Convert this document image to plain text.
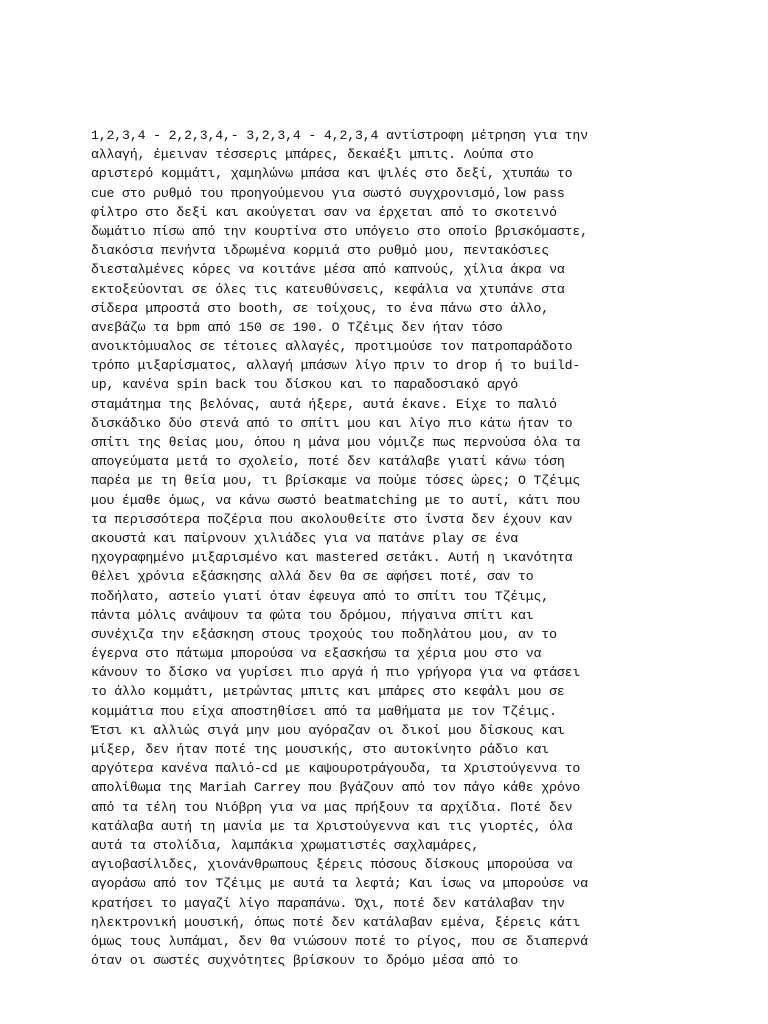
1,2,3,4 - 2,2,3,4,- 3,2,3,4 - 4,2,3,4 αντίστροφη μέτρηση για την
αλλαγή, έμειναν τέσσερις μπάρες, δεκαέξι μπιτς. Λούπα στο
αριστερό κομμάτι, χαμηλώνω μπάσα και ψιλές στο δεξί, χτυπάω το
cue στο ρυθμό του προηγούμενου για σωστό συγχρονισμό,low pass
φίλτρο στο δεξί και ακούγεται σαν να έρχεται από το σκοτεινό
δωμάτιο πίσω από την κουρτίνα στο υπόγειο στο οποίο βρισκόμαστε,
διακόσια πενήντα ιδρωμένα κορμιά στο ρυθμό μου, πεντακόσιες
διεσταλμένες κόρες να κοιτάνε μέσα από καπνούς, χίλια άκρα να
εκτοξεύονται σε όλες τις κατευθύνσεις, κεφάλια να χτυπάνε στα
σίδερα μπροστά στο booth, σε τοίχους, το ένα πάνω στο άλλο,
ανεβάζω τα bpm από 150 σε 190. Ο Τζέιμς δεν ήταν τόσο
ανοικτόμυαλος σε τέτοιες αλλαγές, προτιμούσε τον πατροπαράδοτο
τρόπο μιξαρίσματος, αλλαγή μπάσων λίγο πριν το drop ή το build-
up, κανένα spin back του δίσκου και το παραδοσιακό αργό
σταμάτημα της βελόνας, αυτά ήξερε, αυτά έκανε. Είχε το παλιό
δισκάδικο δύο στενά από το σπίτι μου και λίγο πιο κάτω ήταν το
σπίτι της θείας μου, όπου η μάνα μου νόμιζε πως περνούσα όλα τα
απογεύματα μετά το σχολείο, ποτέ δεν κατάλαβε γιατί κάνω τόση
παρέα με τη θεία μου, τι βρίσκαμε να πούμε τόσες ώρες; Ο Τζέιμς
μου έμαθε όμως, να κάνω σωστό beatmatching με το αυτί, κάτι που
τα περισσότερα ποζέρια που ακολουθείτε στο ίνστα δεν έχουν καν
ακουστά και παίρνουν χιλιάδες για να πατάνε play σε ένα
ηχογραφημένο μιξαρισμένο και mastered σετάκι. Αυτή η ικανότητα
θέλει χρόνια εξάσκησης αλλά δεν θα σε αφήσει ποτέ, σαν το
ποδήλατο, αστείο γιατί όταν έφευγα από το σπίτι του Τζέιμς,
πάντα μόλις ανάψουν τα φώτα του δρόμου, πήγαινα σπίτι και
συνέχιζα την εξάσκηση στους τροχούς του ποδηλάτου μου, αν το
έγερνα στο πάτωμα μπορούσα να εξασκήσω τα χέρια μου στο να
κάνουν το δίσκο να γυρίσει πιο αργά ή πιο γρήγορα για να φτάσει
το άλλο κομμάτι, μετρώντας μπιτς και μπάρες στο κεφάλι μου σε
κομμάτια που είχα αποστηθίσει από τα μαθήματα με τον Τζέιμς.
Έτσι κι αλλιώς σιγά μην μου αγόραζαν οι δικοί μου δίσκους και
μίξερ, δεν ήταν ποτέ της μουσικής, στο αυτοκίνητο ράδιο και
αργότερα κανένα παλιό-cd με καψουροτράγουδα, τα Χριστούγεννα το
απολίθωμα της Mariah Carrey που βγάζουν από τον πάγο κάθε χρόνο
από τα τέλη του Νιόβρη για να μας πρήξουν τα αρχίδια. Ποτέ δεν
κατάλαβα αυτή τη μανία με τα Χριστούγεννα και τις γιορτές, όλα
αυτά τα στολίδια, λαμπάκια χρωματιστές σαχλαμάρες,
αγιοβασίλιδες, χιονάνθρωπους ξέρεις πόσους δίσκους μπορούσα να
αγοράσω από τον Τζέιμς με αυτά τα λεφτά; Και ίσως να μπορούσε να
κρατήσει το μαγαζί λίγο παραπάνω. Όχι, ποτέ δεν κατάλαβαν την
ηλεκτρονική μουσική, όπως ποτέ δεν κατάλαβαν εμένα, ξέρεις κάτι
όμως τους λυπάμαι, δεν θα νιώσουν ποτέ το ρίγος, που σε διαπερνά
όταν οι σωστές συχνότητες βρίσκουν το δρόμο μέσα από το
